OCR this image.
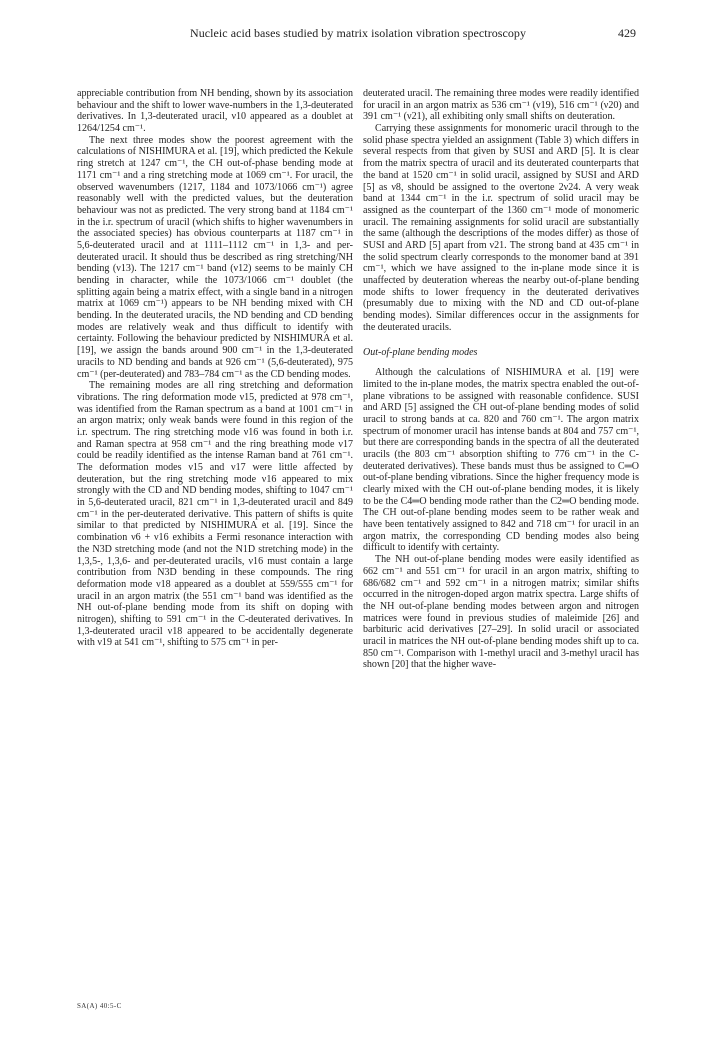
Nucleic acid bases studied by matrix isolation vibration spectroscopy	429

appreciable contribution from NH bending, shown by its association behaviour and the shift to lower wave-numbers in the 1,3-deuterated derivatives. In 1,3-deuterated uracil, ν10 appeared as a doublet at 1264/1254 cm⁻¹.

The next three modes show the poorest agreement with the calculations of NISHIMURA et al. [19], which predicted the Kekule ring stretch at 1247 cm⁻¹, the CH out-of-phase bending mode at 1171 cm⁻¹ and a ring stretching mode at 1069 cm⁻¹. For uracil, the observed wavenumbers (1217, 1184 and 1073/1066 cm⁻¹) agree reasonably well with the predicted values, but the deuteration behaviour was not as predicted. The very strong band at 1184 cm⁻¹ in the i.r. spectrum of uracil (which shifts to higher wavenumbers in the associated species) has obvious counterparts at 1187 cm⁻¹ in 5,6-deuterated uracil and at 1111–1112 cm⁻¹ in 1,3- and per-deuterated uracil. It should thus be described as ring stretching/NH bending (ν13). The 1217 cm⁻¹ band (ν12) seems to be mainly CH bending in character, while the 1073/1066 cm⁻¹ doublet (the splitting again being a matrix effect, with a single band in a nitrogen matrix at 1069 cm⁻¹) appears to be NH bending mixed with CH bending. In the deuterated uracils, the ND bending and CD bending modes are relatively weak and thus difficult to identify with certainty. Following the behaviour predicted by NISHIMURA et al. [19], we assign the bands around 900 cm⁻¹ in the 1,3-deuterated uracils to ND bending and bands at 926 cm⁻¹ (5,6-deuterated), 975 cm⁻¹ (per-deuterated) and 783–784 cm⁻¹ as the CD bending modes.

The remaining modes are all ring stretching and deformation vibrations. The ring deformation mode ν15, predicted at 978 cm⁻¹, was identified from the Raman spectrum as a band at 1001 cm⁻¹ in an argon matrix; only weak bands were found in this region of the i.r. spectrum. The ring stretching mode ν16 was found in both i.r. and Raman spectra at 958 cm⁻¹ and the ring breathing mode ν17 could be readily identified as the intense Raman band at 761 cm⁻¹. The deformation modes ν15 and ν17 were little affected by deuteration, but the ring stretching mode ν16 appeared to mix strongly with the CD and ND bending modes, shifting to 1047 cm⁻¹ in 5,6-deuterated uracil, 821 cm⁻¹ in 1,3-deuterated uracil and 849 cm⁻¹ in the per-deuterated derivative. This pattern of shifts is quite similar to that predicted by NISHIMURA et al. [19]. Since the combination ν6 + ν16 exhibits a Fermi resonance interaction with the N3D stretching mode (and not the N1D stretching mode) in the 1,3,5-, 1,3,6- and per-deuterated uracils, ν16 must contain a large contribution from N3D bending in these compounds. The ring deformation mode ν18 appeared as a doublet at 559/555 cm⁻¹ for uracil in an argon matrix (the 551 cm⁻¹ band was identified as the NH out-of-plane bending mode from its shift on doping with nitrogen), shifting to 591 cm⁻¹ in the C-deuterated derivatives. In 1,3-deuterated uracil ν18 appeared to be accidentally degenerate with ν19 at 541 cm⁻¹, shifting to 575 cm⁻¹ in per-

deuterated uracil. The remaining three modes were readily identified for uracil in an argon matrix as 536 cm⁻¹ (ν19), 516 cm⁻¹ (ν20) and 391 cm⁻¹ (ν21), all exhibiting only small shifts on deuteration.

Carrying these assignments for monomeric uracil through to the solid phase spectra yielded an assignment (Table 3) which differs in several respects from that given by SUSI and ARD [5]. It is clear from the matrix spectra of uracil and its deuterated counterparts that the band at 1520 cm⁻¹ in solid uracil, assigned by SUSI and ARD [5] as ν8, should be assigned to the overtone 2ν24. A very weak band at 1344 cm⁻¹ in the i.r. spectrum of solid uracil may be assigned as the counterpart of the 1360 cm⁻¹ mode of monomeric uracil. The remaining assignments for solid uracil are substantially the same (although the descriptions of the modes differ) as those of SUSI and ARD [5] apart from ν21. The strong band at 435 cm⁻¹ in the solid spectrum clearly corresponds to the monomer band at 391 cm⁻¹, which we have assigned to the in-plane mode since it is unaffected by deuteration whereas the nearby out-of-plane bending mode shifts to lower frequency in the deuterated derivatives (presumably due to mixing with the ND and CD out-of-plane bending modes). Similar differences occur in the assignments for the deuterated uracils.

Out-of-plane bending modes

Although the calculations of NISHIMURA et al. [19] were limited to the in-plane modes, the matrix spectra enabled the out-of-plane vibrations to be assigned with reasonable confidence. SUSI and ARD [5] assigned the CH out-of-plane bending modes of solid uracil to strong bands at ca. 820 and 760 cm⁻¹. The argon matrix spectrum of monomer uracil has intense bands at 804 and 757 cm⁻¹, but there are corresponding bands in the spectra of all the deuterated uracils (the 803 cm⁻¹ absorption shifting to 776 cm⁻¹ in the C-deuterated derivatives). These bands must thus be assigned to C═O out-of-plane bending vibrations. Since the higher frequency mode is clearly mixed with the CH out-of-plane bending modes, it is likely to be the C4═O bending mode rather than the C2═O bending mode. The CH out-of-plane bending modes seem to be rather weak and have been tentatively assigned to 842 and 718 cm⁻¹ for uracil in an argon matrix, the corresponding CD bending modes also being difficult to identify with certainty.

The NH out-of-plane bending modes were easily identified as 662 cm⁻¹ and 551 cm⁻¹ for uracil in an argon matrix, shifting to 686/682 cm⁻¹ and 592 cm⁻¹ in a nitrogen matrix; similar shifts occurred in the nitrogen-doped argon matrix spectra. Large shifts of the NH out-of-plane bending modes between argon and nitrogen matrices were found in previous studies of maleimide [26] and barbituric acid derivatives [27–29]. In solid uracil or associated uracil in matrices the NH out-of-plane bending modes shift up to ca. 850 cm⁻¹. Comparison with 1-methyl uracil and 3-methyl uracil has shown [20] that the higher wave-

SA(A) 40:5-C
